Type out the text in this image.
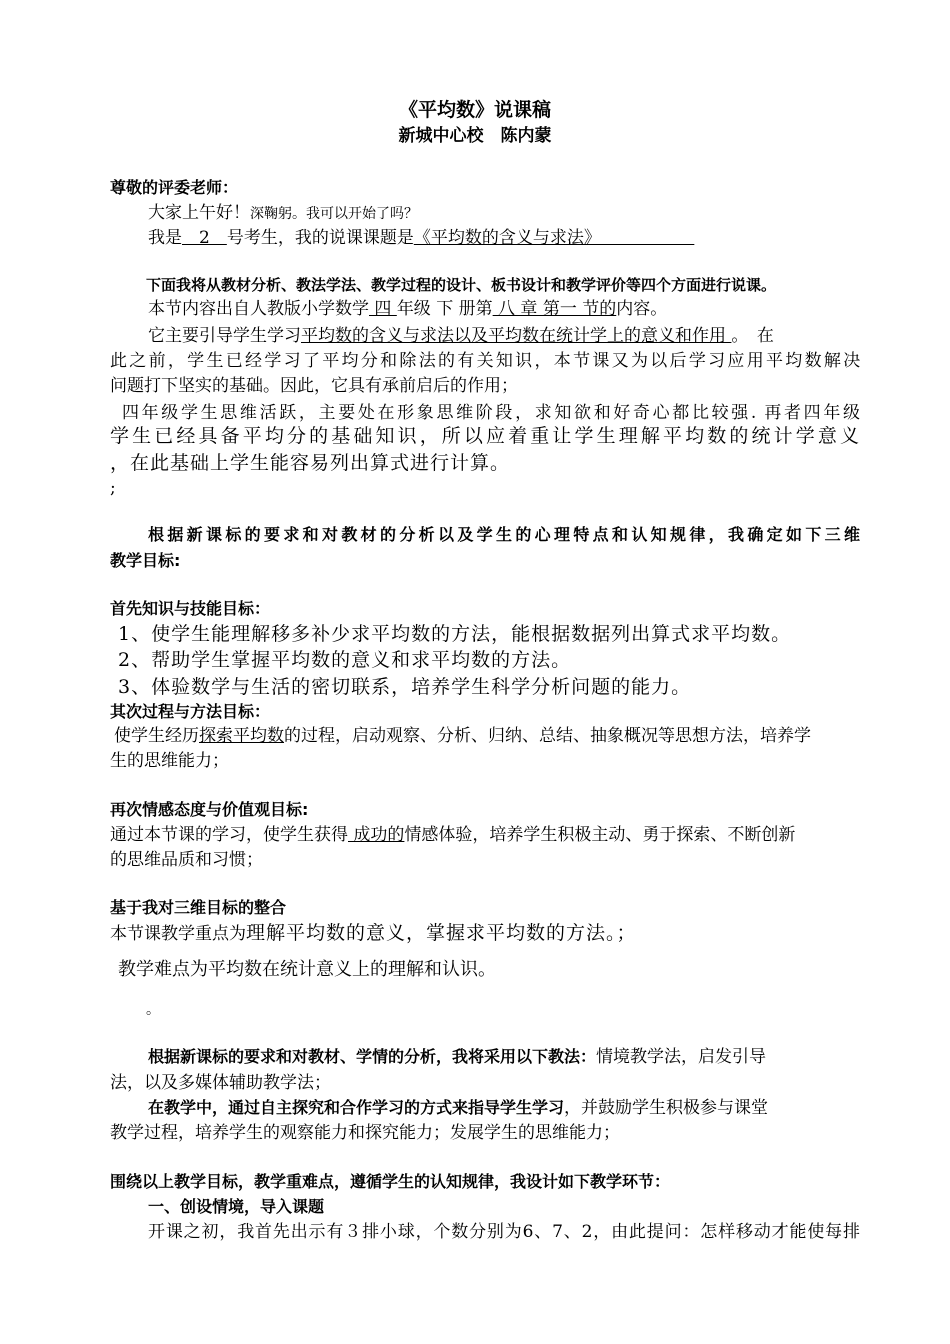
《平均数》说课稿

新城中心校　陈内蒙

尊敬的评委老师：

大家上午好！深鞠躬。我可以开始了吗？

我是　2　号考生，我的说课课题是《平均数的含义与求法》　　　　　　

下面我将从教材分析、教法学法、教学过程的设计、板书设计和教学评价等四个方面进行说课。

本节内容出自人教版小学数学 四 年级 下 册第 八 章 第一 节的内容。

它主要引导学生学习平均数的含义与求法以及平均数在统计学上的意义和作用 。　在

此之前，学生已经学习了平均分和除法的有关知识，本节课又为以后学习应用平均数解决

问题打下坚实的基础。因此，它具有承前启后的作用；

四年级学生思维活跃，主要处在形象思维阶段，求知欲和好奇心都比较强. 再者四年级

学生已经具备平均分的基础知识，所以应着重让学生理解平均数的统计学意义

，在此基础上学生能容易列出算式进行计算。

;

根据新课标的要求和对教材的分析以及学生的心理特点和认知规律，我确定如下三维

教学目标:

首先知识与技能目标：

1、使学生能理解移多补少求平均数的方法，能根据数据列出算式求平均数。

2、帮助学生掌握平均数的意义和求平均数的方法。

3、体验数学与生活的密切联系，培养学生科学分析问题的能力。

其次过程与方法目标：

使学生经历探索平均数的过程，启动观察、分析、归纳、总结、抽象概况等思想方法，培养学

生的思维能力；

再次情感态度与价值观目标:

通过本节课的学习，使学生获得 成功的情感体验，培养学生积极主动、勇于探索、不断创新

的思维品质和习惯；

基于我对三维目标的整合

本节课教学重点为理解平均数的意义，掌握求平均数的方法。；

教学难点为平均数在统计意义上的理解和认识。

。

根据新课标的要求和对教材、学情的分析，我将采用以下教法：情境教学法，启发引导

法，以及多媒体辅助教学法；

在教学中，通过自主探究和合作学习的方式来指导学生学习，并鼓励学生积极参与课堂

教学过程，培养学生的观察能力和探究能力；发展学生的思维能力；

围绕以上教学目标，教学重难点，遵循学生的认知规律，我设计如下教学环节：

一、创设情境，导入课题

开课之初，我首先出示有３排小球，个数分别为6、7、2，由此提问：怎样移动才能使每排
